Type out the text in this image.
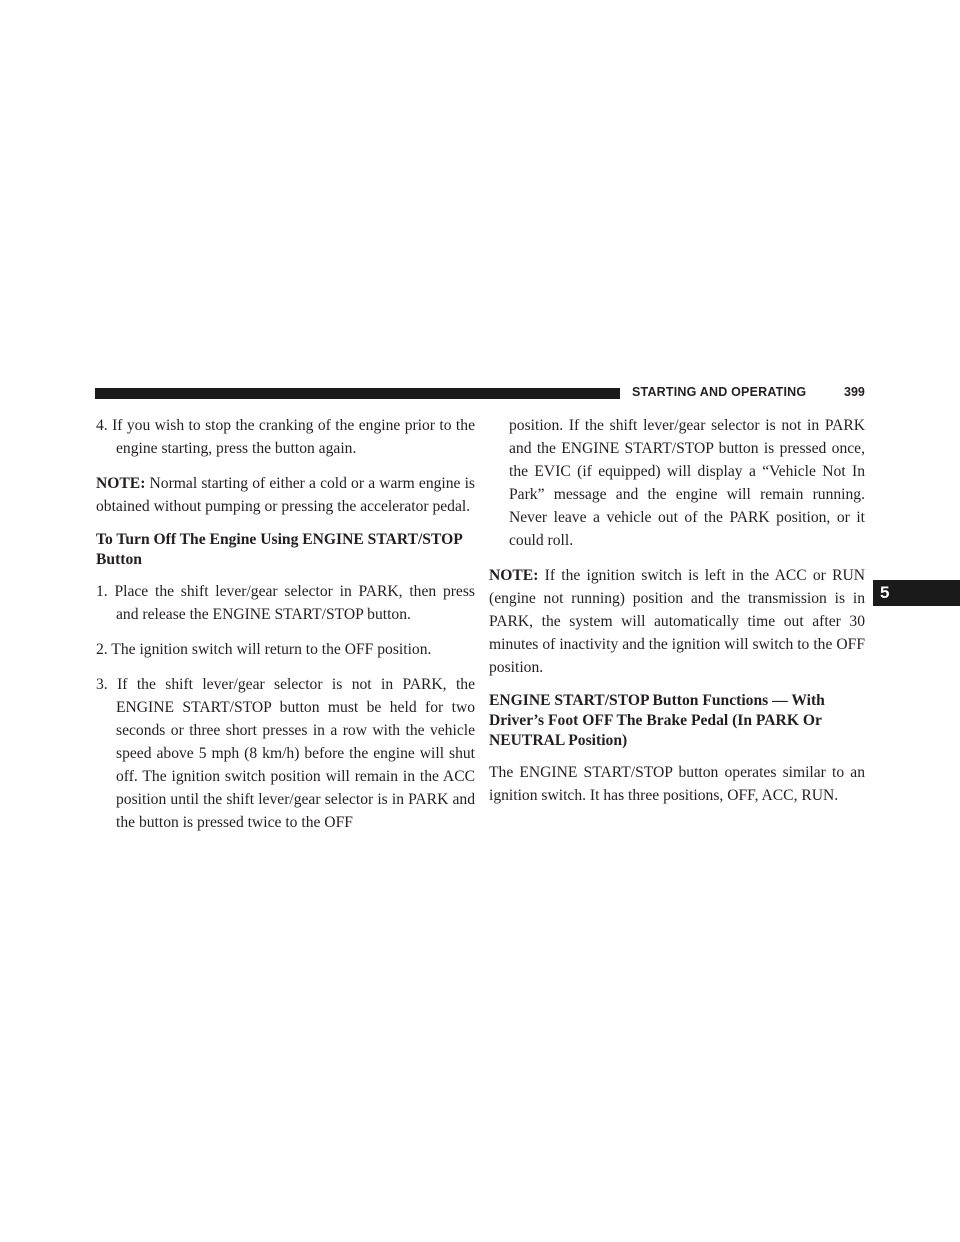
STARTING AND OPERATING	399
5
4. If you wish to stop the cranking of the engine prior to the engine starting, press the button again.

NOTE: Normal starting of either a cold or a warm engine is obtained without pumping or pressing the accelerator pedal.

To Turn Off The Engine Using ENGINE START/STOP Button
1. Place the shift lever/gear selector in PARK, then press and release the ENGINE START/STOP button.
2. The ignition switch will return to the OFF position.
3. If the shift lever/gear selector is not in PARK, the ENGINE START/STOP button must be held for two seconds or three short presses in a row with the vehicle speed above 5 mph (8 km/h) before the engine will shut off. The ignition switch position will remain in the ACC position until the shift lever/gear selector is in PARK and the button is pressed twice to the OFF
position. If the shift lever/gear selector is not in PARK and the ENGINE START/STOP button is pressed once, the EVIC (if equipped) will display a “Vehicle Not In Park” message and the engine will remain running. Never leave a vehicle out of the PARK position, or it could roll.

NOTE: If the ignition switch is left in the ACC or RUN (engine not running) position and the transmission is in PARK, the system will automatically time out after 30 minutes of inactivity and the ignition will switch to the OFF position.

ENGINE START/STOP Button Functions — With Driver’s Foot OFF The Brake Pedal (In PARK Or NEUTRAL Position)

The ENGINE START/STOP button operates similar to an ignition switch. It has three positions, OFF, ACC, RUN.
